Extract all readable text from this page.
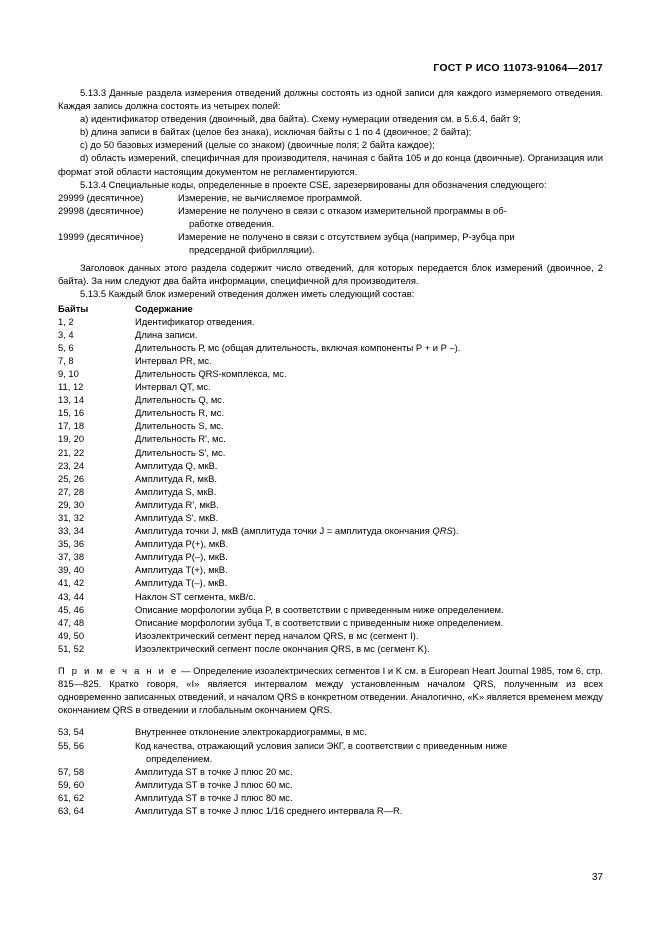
ГОСТ Р ИСО 11073-91064—2017

5.13.3 Данные раздела измерения отведений должны состоять из одной записи для каждого измеряемого отведения. Каждая запись должна состоять из четырех полей:

a) идентификатор отведения (двоичный, два байта). Схему нумерации отведения см. в 5.6.4, байт 9;

b) длина записи в байтах (целое без знака), исключая байты с 1 по 4 (двоичное; 2 байта);

c) до 50 базовых измерений (целые со знаком) (двоичные поля; 2 байта каждое);

d) область измерений, специфичная для производителя, начиная с байта 105 и до конца (двоичные). Организация или формат этой области настоящим документом не регламентируются.

5.13.4 Специальные коды, определенные в проекте CSE, зарезервированы для обозначения следующего:

29999 (десятичное)	Измерение, не вычисляемое программой.
29998 (десятичное)	Измерение не получено в связи с отказом измерительной программы в об-
работке отведения.
19999 (десятичное)	Измерение не получено в связи с отсутствием зубца (например, P-зубца при
предсердной фибрилляции).

Заголовок данных этого раздела содержит число отведений, для которых передается блок измерений (двоичное, 2 байта). За ним следуют два байта информации, специфичной для производителя.

5.13.5 Каждый блок измерений отведения должен иметь следующий состав:

Байты	Содержание
1, 2	Идентификатор отведения.
3, 4	Длина записи.
5, 6	Длительность Р, мс (общая длительность, включая компоненты Р + и Р –).
7, 8	Интервал PR, мс.
9, 10	Длительность QRS-комплекса, мс.
11, 12	Интервал QT, мс.
13, 14	Длительность Q, мс.
15, 16	Длительность R, мс.
17, 18	Длительность S, мс.
19, 20	Длительность R', мс.
21, 22	Длительность S', мс.
23, 24	Амплитуда Q, мкВ.
25, 26	Амплитуда R, мкВ.
27, 28	Амплитуда S, мкВ.
29, 30	Амплитуда R', мкВ.
31, 32	Амплитуда S', мкВ.
33, 34	Амплитуда точки J, мкВ (амплитуда точки J = амплитуда окончания QRS).
35, 36	Амплитуда P(+), мкВ.
37, 38	Амплитуда P(–), мкВ.
39, 40	Амплитуда T(+), мкВ.
41, 42	Амплитуда T(–), мкВ.
43, 44	Наклон ST сегмента, мкВ/с.
45, 46	Описание морфологии зубца P, в соответствии с приведенным ниже определением.
47, 48	Описание морфологии зубца T, в соответствии с приведенным ниже определением.
49, 50	Изоэлектрический сегмент перед началом QRS, в мс (сегмент I).
51, 52	Изоэлектрический сегмент после окончания QRS, в мс (сегмент K).

П р и м е ч а н и е — Определение изоэлектрических сегментов I и K см. в European Heart Journal 1985, том 6, стр. 815—825. Кратко говоря, «I» является интервалом между установленным началом QRS, полученным из всех одновременно записанных отведений, и началом QRS в конкретном отведении. Аналогично, «K» является временем между окончанием QRS в отведении и глобальным окончанием QRS.

53, 54	Внутреннее отклонение электрокардиограммы, в мс.
55, 56	Код качества, отражающий условия записи ЭКГ, в соответствии с приведенным ниже
определением.
57, 58	Амплитуда ST в точке J плюс 20 мс.
59, 60	Амплитуда ST в точке J плюс 60 мс.
61, 62	Амплитуда ST в точке J плюс 80 мс.
63, 64	Амплитуда ST в точке J плюс 1/16 среднего интервала R—R.
37
